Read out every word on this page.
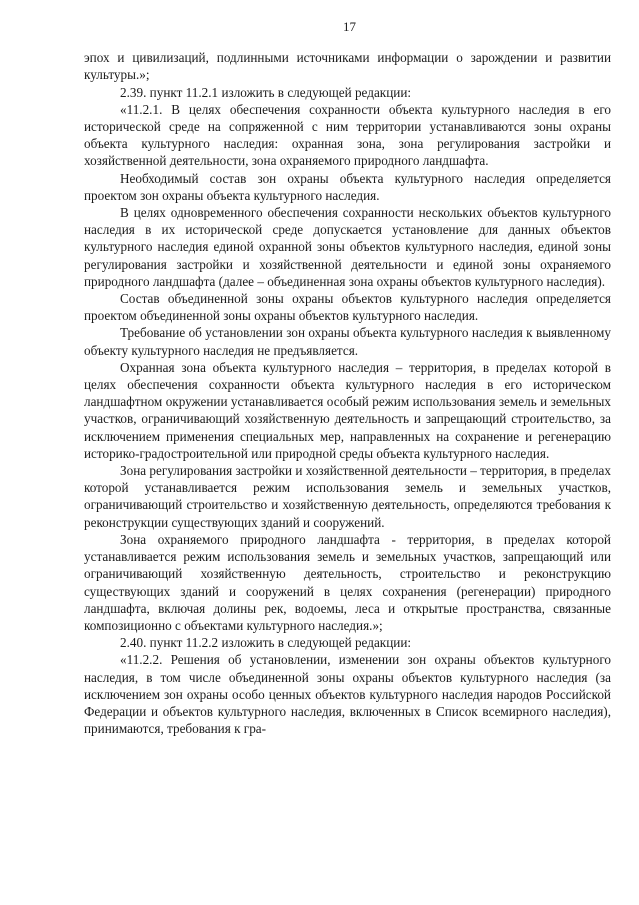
17

эпох и цивилизаций, подлинными источниками информации о зарождении и развитии культуры.»;

2.39. пункт 11.2.1 изложить в следующей редакции:

«11.2.1. В целях обеспечения сохранности объекта культурного наследия в его исторической среде на сопряженной с ним территории устанавливаются зоны охраны объекта культурного наследия: охранная зона, зона регулирования застройки и хозяйственной деятельности, зона охраняемого природного ландшафта.

Необходимый состав зон охраны объекта культурного наследия определяется проектом зон охраны объекта культурного наследия.

В целях одновременного обеспечения сохранности нескольких объектов культурного наследия в их исторической среде допускается установление для данных объектов культурного наследия единой охранной зоны объектов культурного наследия, единой зоны регулирования застройки и хозяйственной деятельности и единой зоны охраняемого природного ландшафта (далее – объединенная зона охраны объектов культурного наследия).

Состав объединенной зоны охраны объектов культурного наследия определяется проектом объединенной зоны охраны объектов культурного наследия.

Требование об установлении зон охраны объекта культурного наследия к выявленному объекту культурного наследия не предъявляется.

Охранная зона объекта культурного наследия – территория, в пределах которой в целях обеспечения сохранности объекта культурного наследия в его историческом ландшафтном окружении устанавливается особый режим использования земель и земельных участков, ограничивающий хозяйственную деятельность и запрещающий строительство, за исключением применения специальных мер, направленных на сохранение и регенерацию историко-градостроительной или природной среды объекта культурного наследия.

Зона регулирования застройки и хозяйственной деятельности – территория, в пределах которой устанавливается режим использования земель и земельных участков, ограничивающий строительство и хозяйственную деятельность, определяются требования к реконструкции существующих зданий и сооружений.

Зона охраняемого природного ландшафта - территория, в пределах которой устанавливается режим использования земель и земельных участков, запрещающий или ограничивающий хозяйственную деятельность, строительство и реконструкцию существующих зданий и сооружений в целях сохранения (регенерации) природного ландшафта, включая долины рек, водоемы, леса и открытые пространства, связанные композиционно с объектами культурного наследия.»;

2.40. пункт 11.2.2 изложить в следующей редакции:

«11.2.2. Решения об установлении, изменении зон охраны объектов культурного наследия, в том числе объединенной зоны охраны объектов культурного наследия (за исключением зон охраны особо ценных объектов культурного наследия народов Российской Федерации и объектов культурного наследия, включенных в Список всемирного наследия), принимаются, требования к гра-
